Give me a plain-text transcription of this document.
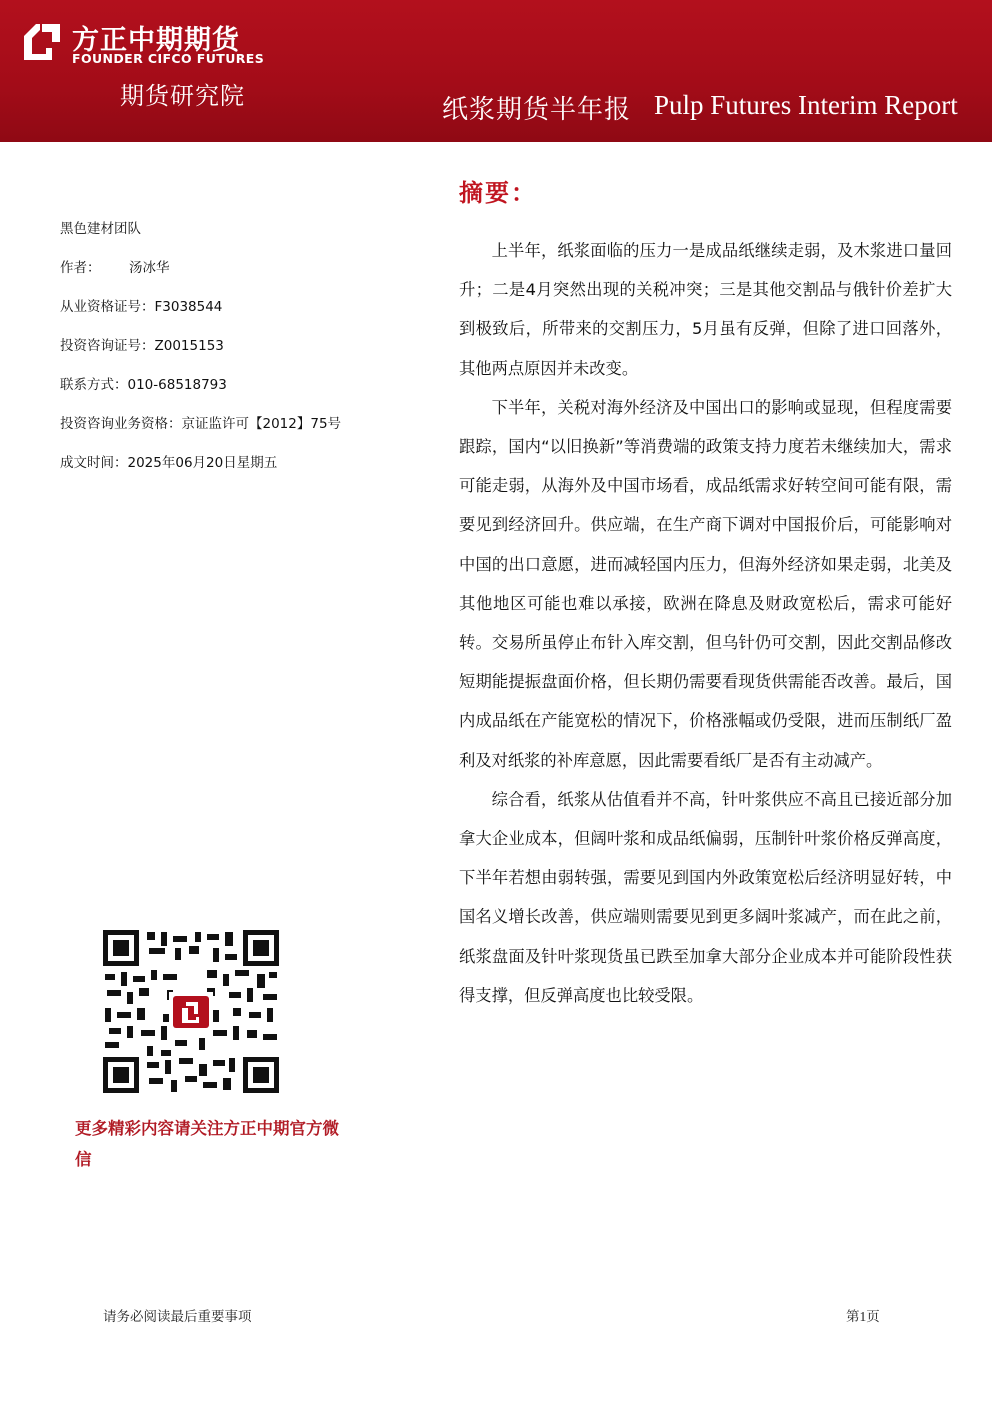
方正中期期货
FOUNDER CIFCO FUTURES
期货研究院	纸浆期货半年报 Pulp Futures Interim Report
黑色建材团队
作者： 汤冰华
从业资格证号：F3038544
投资咨询证号：Z0015153
联系方式：010-68518793
投资咨询业务资格：京证监许可【2012】75号
成文时间：2025年06月20日星期五
更多精彩内容请关注方正中期官方微信
摘要：

上半年，纸浆面临的压力一是成品纸继续走弱，及木浆进口量回升；二是4月突然出现的关税冲突；三是其他交割品与俄针价差扩大到极致后，所带来的交割压力，5月虽有反弹，但除了进口回落外，其他两点原因并未改变。

下半年，关税对海外经济及中国出口的影响或显现，但程度需要跟踪，国内“以旧换新”等消费端的政策支持力度若未继续加大，需求可能走弱，从海外及中国市场看，成品纸需求好转空间可能有限，需要见到经济回升。供应端，在生产商下调对中国报价后，可能影响对中国的出口意愿，进而减轻国内压力，但海外经济如果走弱，北美及其他地区可能也难以承接，欧洲在降息及财政宽松后，需求可能好转。交易所虽停止布针入库交割，但乌针仍可交割，因此交割品修改短期能提振盘面价格，但长期仍需要看现货供需能否改善。最后，国内成品纸在产能宽松的情况下，价格涨幅或仍受限，进而压制纸厂盈利及对纸浆的补库意愿，因此需要看纸厂是否有主动减产。

综合看，纸浆从估值看并不高，针叶浆供应不高且已接近部分加拿大企业成本，但阔叶浆和成品纸偏弱，压制针叶浆价格反弹高度，下半年若想由弱转强，需要见到国内外政策宽松后经济明显好转，中国名义增长改善，供应端则需要见到更多阔叶浆减产，而在此之前，纸浆盘面及针叶浆现货虽已跌至加拿大部分企业成本并可能阶段性获得支撑，但反弹高度也比较受限。

请务必阅读最后重要事项	第1页
